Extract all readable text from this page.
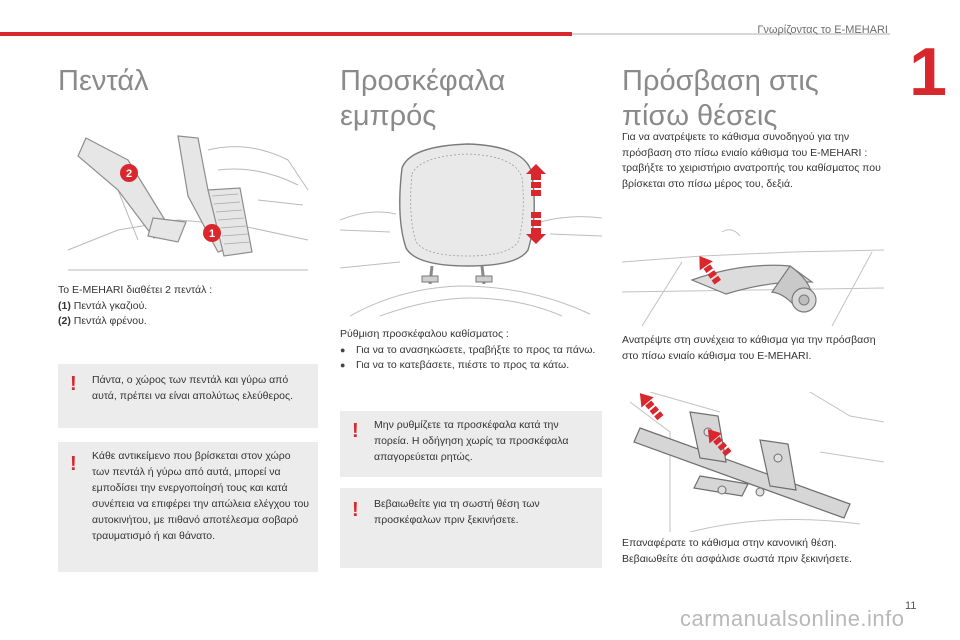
Γνωρίζοντας το E-MEHARI
1
Πεντάλ
2
1
Το E-MEHARI διαθέτει 2 πεντάλ :
(1) Πεντάλ γκαζιού.
(2) Πεντάλ φρένου.
! Πάντα, ο χώρος των πεντάλ και γύρω από αυτά, πρέπει να είναι απολύτως ελεύθερος.
! Κάθε αντικείμενο που βρίσκεται στον χώρο των πεντάλ ή γύρω από αυτά, μπορεί να εμποδίσει την ενεργοποίησή τους και κατά συνέπεια να επιφέρει την απώλεια ελέγχου του αυτοκινήτου, με πιθανό αποτέλεσμα σοβαρό τραυματισμό ή και θάνατο.
Προσκέφαλα
εμπρός
Ρύθμιση προσκέφαλου καθίσματος :
● Για να το ανασηκώσετε, τραβήξτε το προς τα πάνω.
● Για να το κατεβάσετε, πιέστε το προς τα κάτω.
! Μην ρυθμίζετε τα προσκέφαλα κατά την πορεία. Η οδήγηση χωρίς τα προσκέφαλα απαγορεύεται ρητώς.
! Βεβαιωθείτε για τη σωστή θέση των προσκέφαλων πριν ξεκινήσετε.
Πρόσβαση στις
πίσω θέσεις
Για να ανατρέψετε το κάθισμα συνοδηγού για την πρόσβαση στο πίσω ενιαίο κάθισμα του E-MEHARI : τραβήξτε το χειριστήριο ανατροπής του καθίσματος που βρίσκεται στο πίσω μέρος του, δεξιά.
Ανατρέψτε στη συνέχεια το κάθισμα για την πρόσβαση στο πίσω ενιαίο κάθισμα του E-MEHARI.
Επαναφέρατε το κάθισμα στην κανονική θέση. Βεβαιωθείτε ότι ασφάλισε σωστά πριν ξεκινήσετε.
11
carmanualsonline.info
